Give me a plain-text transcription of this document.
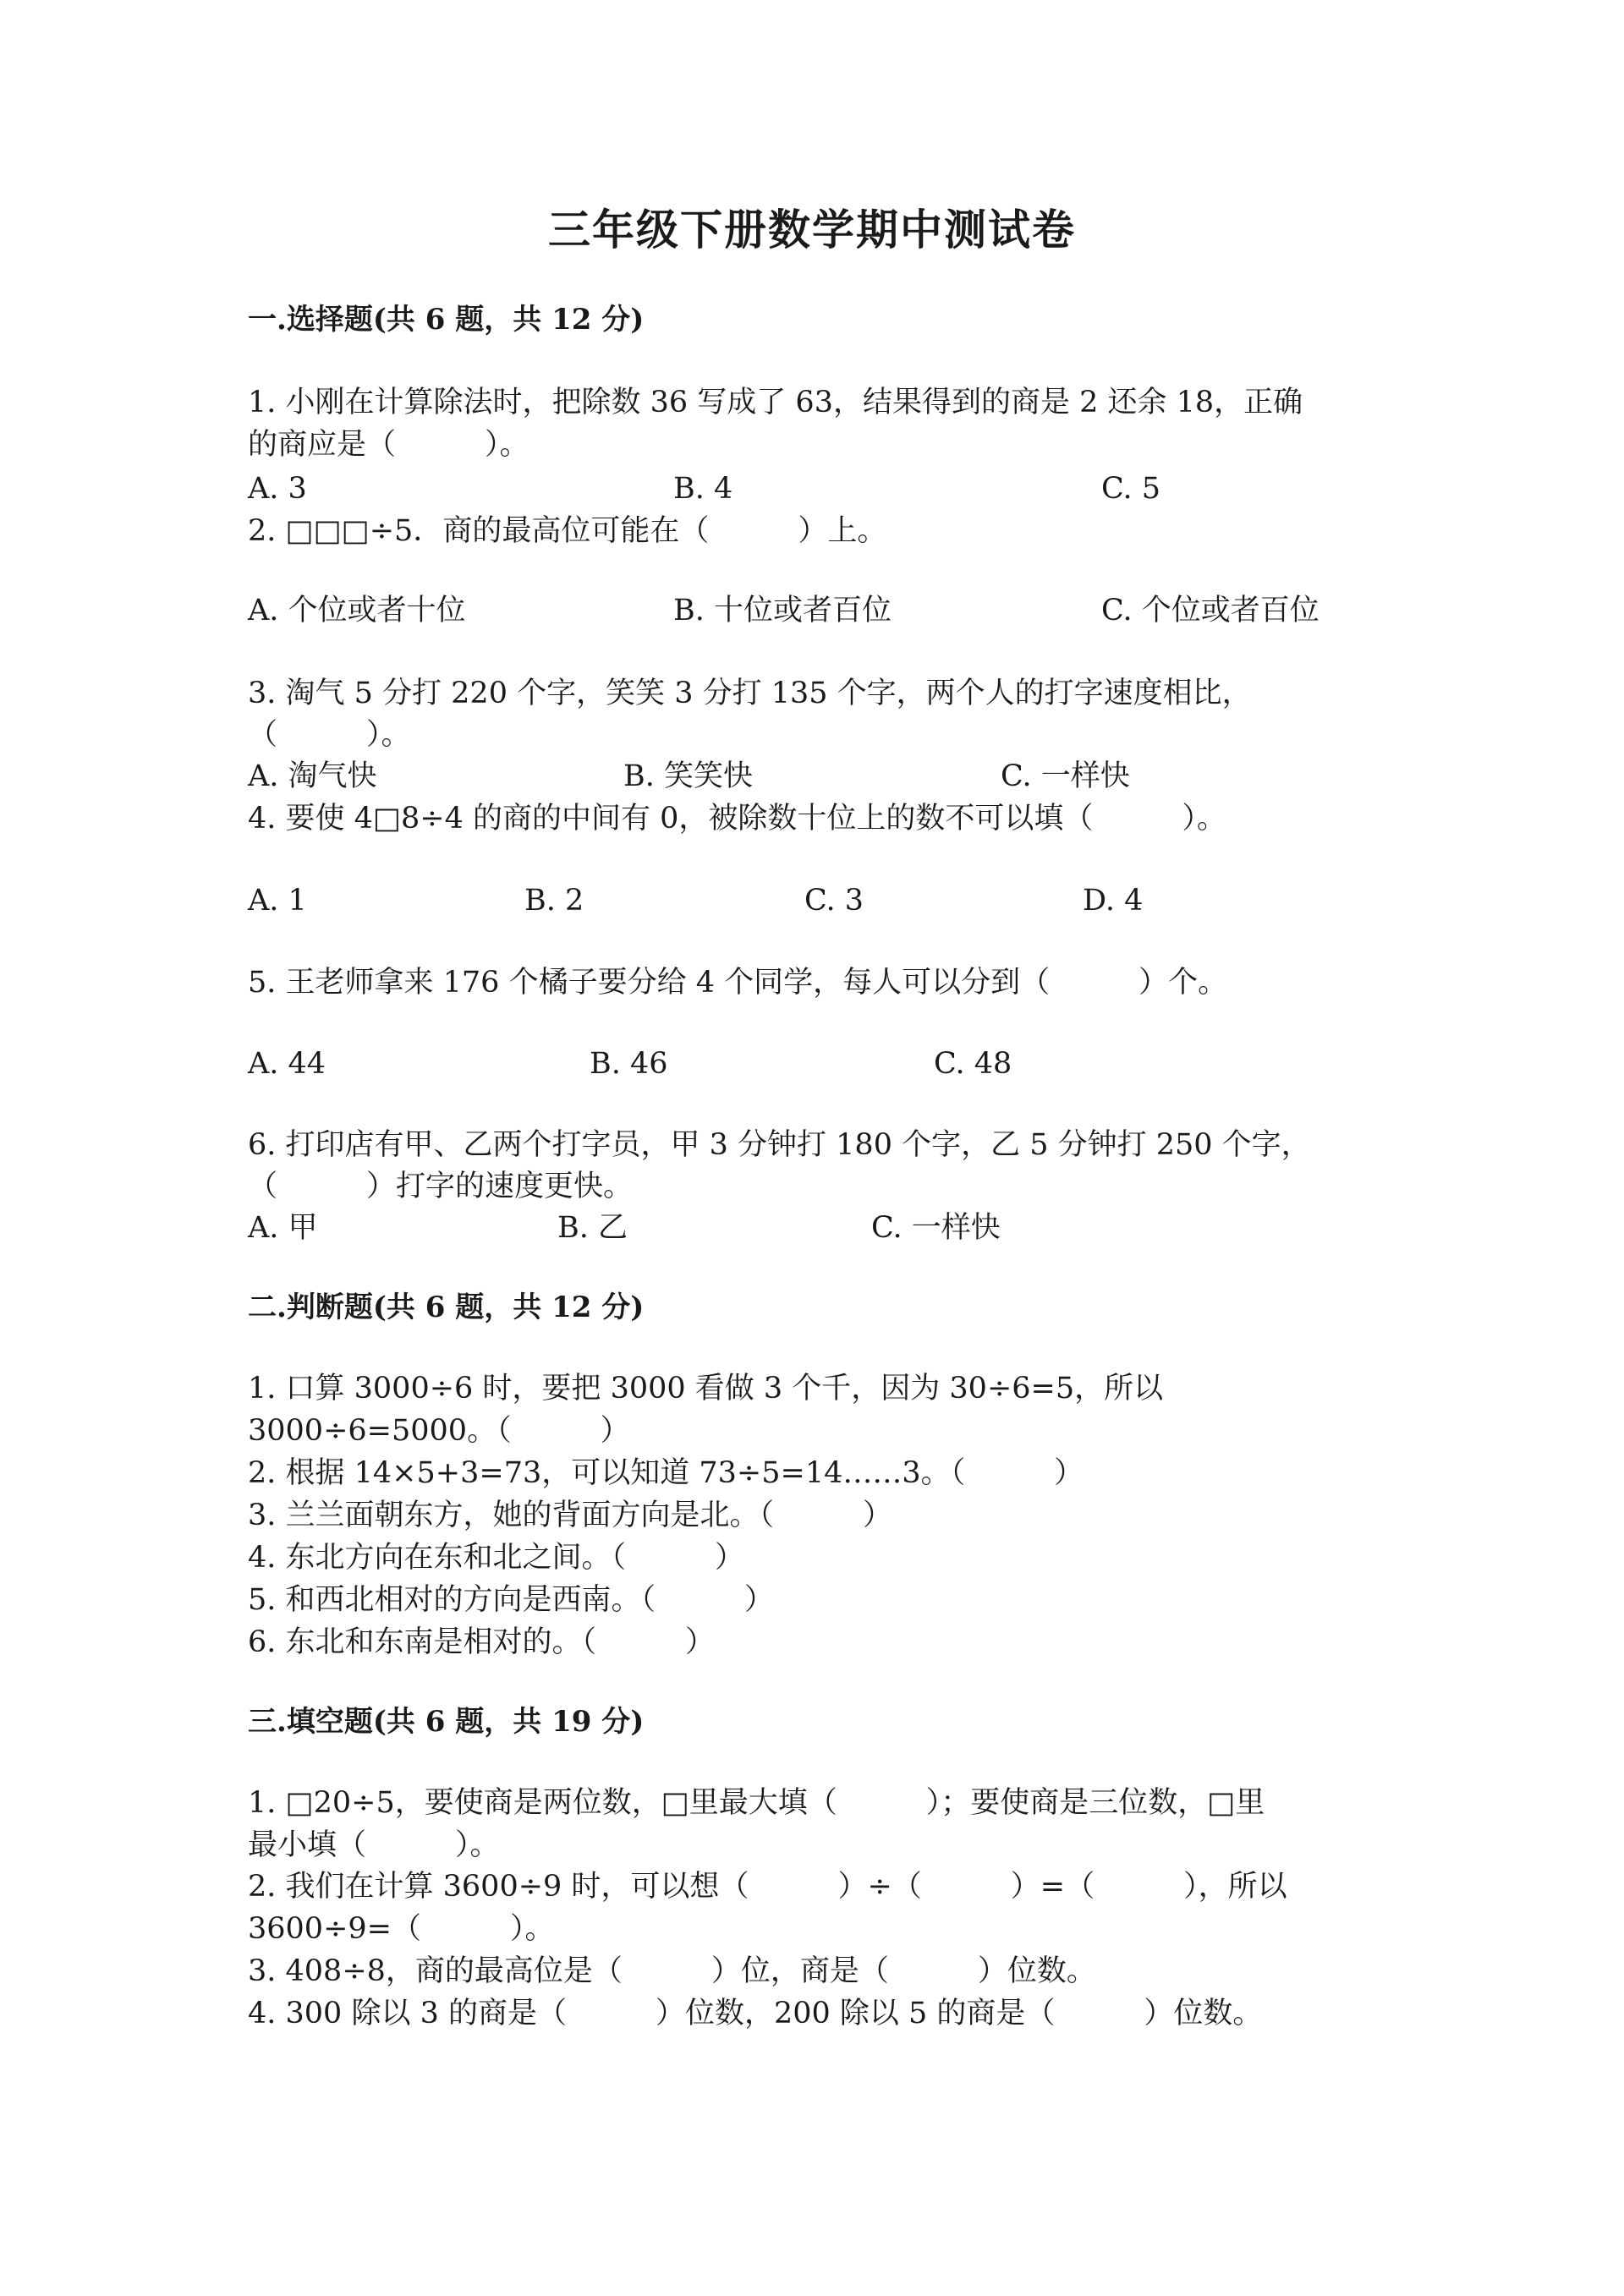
三年级下册数学期中测试卷
一.选择题(共 6 题，共 12 分)
1. 小刚在计算除法时，把除数 36 写成了 63，结果得到的商是 2 还余 18，正确
的商应是（　　　）。
A. 3	B. 4	C. 5
2. □□□÷5．商的最高位可能在（　　　）上。
A. 个位或者十位	B. 十位或者百位	C. 个位或者百位
3. 淘气 5 分打 220 个字，笑笑 3 分打 135 个字，两个人的打字速度相比，
（　　　）。
A. 淘气快	B. 笑笑快	C. 一样快
4. 要使 4□8÷4 的商的中间有 0，被除数十位上的数不可以填（　　　）。
A. 1	B. 2	C. 3	D. 4
5. 王老师拿来 176 个橘子要分给 4 个同学，每人可以分到（　　　）个。
A. 44	B. 46	C. 48
6. 打印店有甲、乙两个打字员，甲 3 分钟打 180 个字，乙 5 分钟打 250 个字，
（　　　）打字的速度更快。
A. 甲	B. 乙	C. 一样快
二.判断题(共 6 题，共 12 分)
1. 口算 3000÷6 时，要把 3000 看做 3 个千，因为 30÷6=5，所以
3000÷6=5000。（　　　）
2. 根据 14×5+3=73，可以知道 73÷5=14……3。（　　　）
3. 兰兰面朝东方，她的背面方向是北。（　　　）
4. 东北方向在东和北之间。（　　　）
5. 和西北相对的方向是西南。（　　　）
6. 东北和东南是相对的。（　　　）
三.填空题(共 6 题，共 19 分)
1. □20÷5，要使商是两位数，□里最大填（　　　）；要使商是三位数，□里
最小填（　　　）。
2. 我们在计算 3600÷9 时，可以想（　　　）÷（　　　）=（　　　），所以
3600÷9=（　　　）。
3. 408÷8，商的最高位是（　　　）位，商是（　　　）位数。
4. 300 除以 3 的商是（　　　）位数，200 除以 5 的商是（　　　）位数。
